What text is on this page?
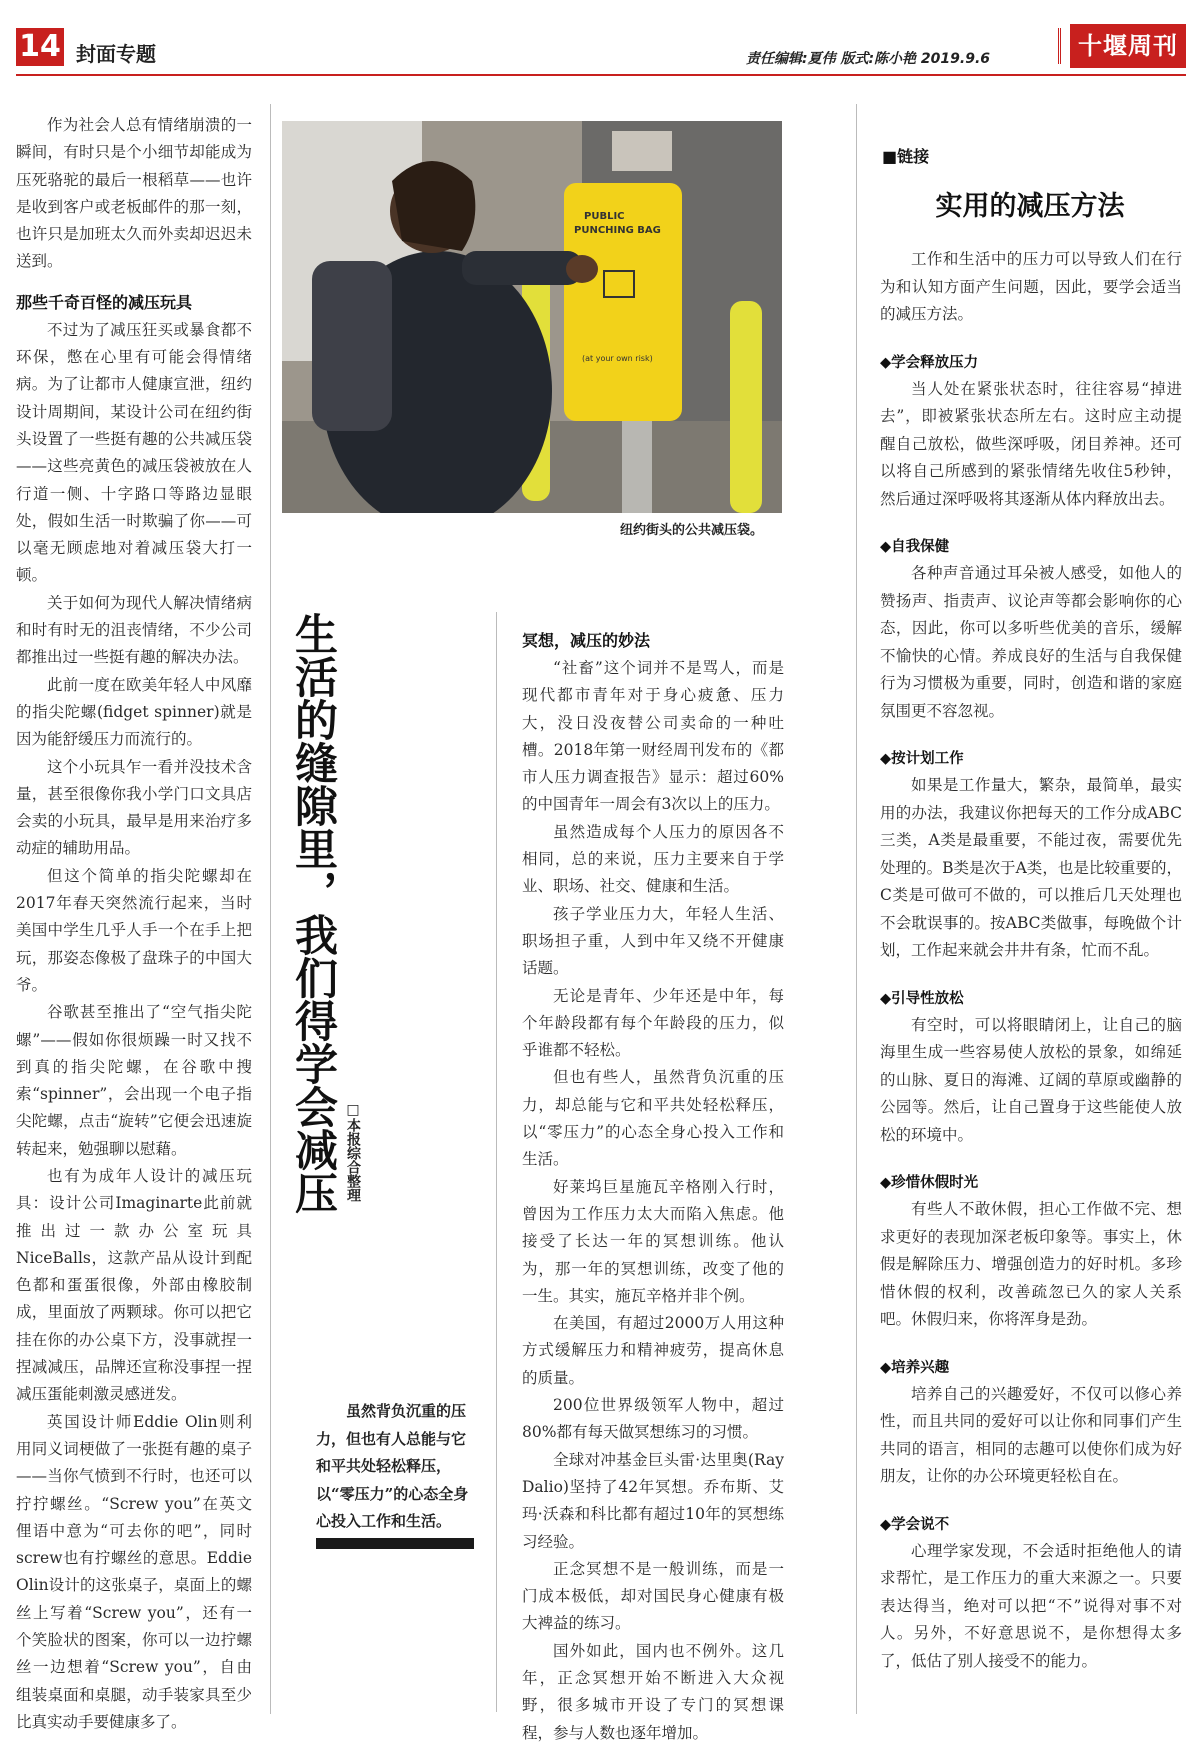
14 封面专题	责任编辑:夏伟 版式:陈小艳 2019.9.6	十堰周刊

作为社会人总有情绪崩溃的一瞬间，有时只是个小细节却能成为压死骆驼的最后一根稻草——也许是收到客户或老板邮件的那一刻，也许只是加班太久而外卖却迟迟未送到。

那些千奇百怪的减压玩具

不过为了减压狂买或暴食都不环保，憋在心里有可能会得情绪病。为了让都市人健康宣泄，纽约设计周期间，某设计公司在纽约街头设置了一些挺有趣的公共减压袋——这些亮黄色的减压袋被放在人行道一侧、十字路口等路边显眼处，假如生活一时欺骗了你——可以毫无顾虑地对着减压袋大打一顿。

关于如何为现代人解决情绪病和时有时无的沮丧情绪，不少公司都推出过一些挺有趣的解决办法。

此前一度在欧美年轻人中风靡的指尖陀螺(fidget spinner)就是因为能舒缓压力而流行的。

这个小玩具乍一看并没技术含量，甚至很像你我小学门口文具店会卖的小玩具，最早是用来治疗多动症的辅助用品。

但这个简单的指尖陀螺却在2017年春天突然流行起来，当时美国中学生几乎人手一个在手上把玩，那姿态像极了盘珠子的中国大爷。

谷歌甚至推出了“空气指尖陀螺”——假如你很烦躁一时又找不到真的指尖陀螺，在谷歌中搜索“spinner”，会出现一个电子指尖陀螺，点击“旋转”它便会迅速旋转起来，勉强聊以慰藉。

也有为成年人设计的减压玩具：设计公司Imaginarte此前就推出过一款办公室玩具NiceBalls，这款产品从设计到配色都和蛋蛋很像，外部由橡胶制成，里面放了两颗球。你可以把它挂在你的办公桌下方，没事就捏一捏减减压，品牌还宣称没事捏一捏减压蛋能刺激灵感迸发。

英国设计师Eddie Olin则利用同义词梗做了一张挺有趣的桌子——当你气愤到不行时，也还可以拧拧螺丝。“Screw you”在英文俚语中意为“可去你的吧”，同时screw也有拧螺丝的意思。Eddie Olin设计的这张桌子，桌面上的螺丝上写着“Screw you”，还有一个笑脸状的图案，你可以一边拧螺丝一边想着“Screw you”，自由组装桌面和桌腿，动手装家具至少比真实动手要健康多了。

PUBLIC
PUNCHING BAG
(at your own risk)
纽约街头的公共减压袋。
生活的缝隙里，我们得学会减压 □本报综合整理
虽然背负沉重的压力，但也有人总能与它和平共处轻松释压，以“零压力”的心态全身心投入工作和生活。
冥想，减压的妙法

“社畜”这个词并不是骂人，而是现代都市青年对于身心疲惫、压力大，没日没夜替公司卖命的一种吐槽。2018年第一财经周刊发布的《都市人压力调查报告》显示：超过60%的中国青年一周会有3次以上的压力。

虽然造成每个人压力的原因各不相同，总的来说，压力主要来自于学业、职场、社交、健康和生活。

孩子学业压力大，年轻人生活、职场担子重，人到中年又绕不开健康话题。

无论是青年、少年还是中年，每个年龄段都有每个年龄段的压力，似乎谁都不轻松。

但也有些人，虽然背负沉重的压力，却总能与它和平共处轻松释压，以“零压力”的心态全身心投入工作和生活。

好莱坞巨星施瓦辛格刚入行时，曾因为工作压力太大而陷入焦虑。他接受了长达一年的冥想训练。他认为，那一年的冥想训练，改变了他的一生。其实，施瓦辛格并非个例。

在美国，有超过2000万人用这种方式缓解压力和精神疲劳，提高休息的质量。

200位世界级领军人物中，超过80%都有每天做冥想练习的习惯。

全球对冲基金巨头雷·达里奥(Ray Dalio)坚持了42年冥想。乔布斯、艾玛·沃森和科比都有超过10年的冥想练习经验。

正念冥想不是一般训练，而是一门成本极低，却对国民身心健康有极大裨益的练习。

国外如此，国内也不例外。这几年，正念冥想开始不断进入大众视野，很多城市开设了专门的冥想课程，参与人数也逐年增加。

■链接
实用的减压方法

工作和生活中的压力可以导致人们在行为和认知方面产生问题，因此，要学会适当的减压方法。

◆学会释放压力

当人处在紧张状态时，往往容易“掉进去”，即被紧张状态所左右。这时应主动提醒自己放松，做些深呼吸，闭目养神。还可以将自己所感到的紧张情绪先收住5秒钟，然后通过深呼吸将其逐渐从体内释放出去。

◆自我保健

各种声音通过耳朵被人感受，如他人的赞扬声、指责声、议论声等都会影响你的心态，因此，你可以多听些优美的音乐，缓解不愉快的心情。养成良好的生活与自我保健行为习惯极为重要，同时，创造和谐的家庭氛围更不容忽视。

◆按计划工作

如果是工作量大，繁杂，最简单，最实用的办法，我建议你把每天的工作分成ABC三类，A类是最重要，不能过夜，需要优先处理的。B类是次于A类，也是比较重要的，C类是可做可不做的，可以推后几天处理也不会耽误事的。按ABC类做事，每晚做个计划，工作起来就会井井有条，忙而不乱。

◆引导性放松

有空时，可以将眼睛闭上，让自己的脑海里生成一些容易使人放松的景象，如绵延的山脉、夏日的海滩、辽阔的草原或幽静的公园等。然后，让自己置身于这些能使人放松的环境中。

◆珍惜休假时光

有些人不敢休假，担心工作做不完、想求更好的表现加深老板印象等。事实上，休假是解除压力、增强创造力的好时机。多珍惜休假的权利，改善疏忽已久的家人关系吧。休假归来，你将浑身是劲。

◆培养兴趣

培养自己的兴趣爱好，不仅可以修心养性，而且共同的爱好可以让你和同事们产生共同的语言，相同的志趣可以使你们成为好朋友，让你的办公环境更轻松自在。

◆学会说不

心理学家发现，不会适时拒绝他人的请求帮忙，是工作压力的重大来源之一。只要表达得当，绝对可以把“不”说得对事不对人。另外，不好意思说不，是你想得太多了，低估了别人接受不的能力。
